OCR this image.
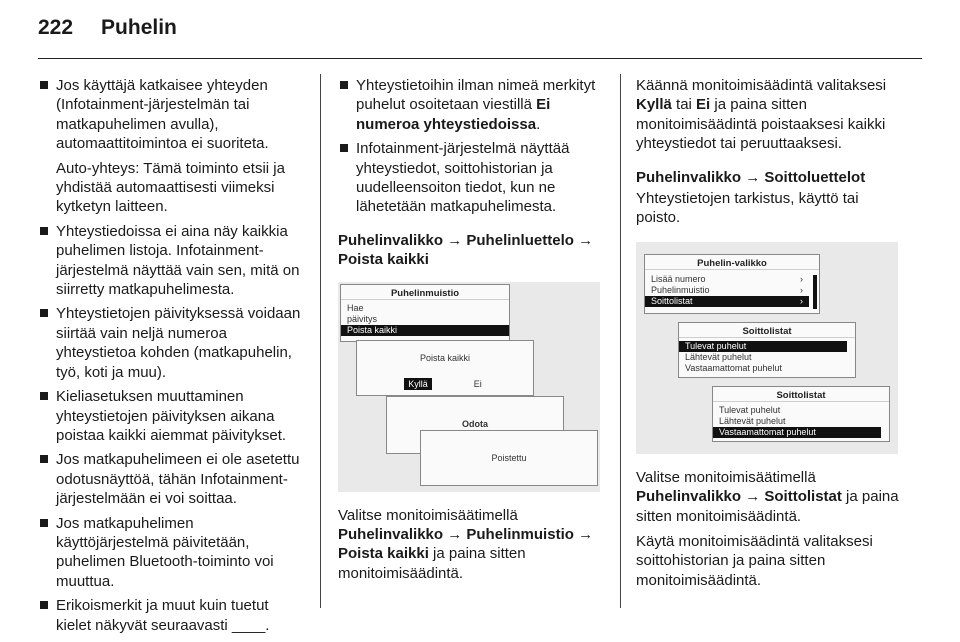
222 Puhelin
Jos käyttäjä katkaisee yhteyden (Infotainment-järjestelmän tai matkapuhelimen avulla), automaattitoimintoa ei suoriteta.
Auto-yhteys: Tämä toiminto etsii ja yhdistää automaattisesti viimeksi kytketyn laitteen.
Yhteystiedoissa ei aina näy kaikkia puhelimen listoja. Infotainment-järjestelmä näyttää vain sen, mitä on siirretty matkapuhelimesta.
Yhteystietojen päivityksessä voidaan siirtää vain neljä numeroa yhteystietoa kohden (matkapuhelin, työ, koti ja muu).
Kieliasetuksen muuttaminen yhteystietojen päivityksen aikana poistaa kaikki aiemmat päivitykset.
Jos matkapuhelimeen ei ole asetettu odotusnäyttöä, tähän Infotainment-järjestelmään ei voi soittaa.
Jos matkapuhelimen käyttöjärjestelmä päivitetään, puhelimen Bluetooth-toiminto voi muuttua.
Erikoismerkit ja muut kuin tuetut kielet näkyvät seuraavasti ____.
Yhteystietoihin ilman nimeä merkityt puhelut osoitetaan viestillä Ei numeroa yhteystiedoissa.
Infotainment-järjestelmä näyttää yhteystiedot, soittohistorian ja uudelleensoiton tiedot, kun ne lähetetään matkapuhelimesta.
Puhelinvalikko → Puhelinluettelo → Poista kaikki
Puhelinmuistio
Hae
päivitys
Poista kaikki
Poista kaikki
Kyllä	Ei
Odota
Poistettu
Valitse monitoimisäätimellä Puhelinvalikko → Puhelinmuistio → Poista kaikki ja paina sitten monitoimisäädintä.
Käännä monitoimisäädintä valitaksesi Kyllä tai Ei ja paina sitten monitoimisäädintä poistaaksesi kaikki yhteystiedot tai peruuttaaksesi.
Puhelinvalikko → Soittoluettelot
Yhteystietojen tarkistus, käyttö tai poisto.
Puhelin-valikko
Lisää numero	›
Puhelinmuistio	›
Soittolistat	›
Soittolistat
Tulevat puhelut
Lähtevät puhelut
Vastaamattomat puhelut
Soittolistat
Tulevat puhelut
Lähtevät puhelut
Vastaamattomat puhelut
Valitse monitoimisäätimellä Puhelinvalikko → Soittolistat ja paina sitten monitoimisäädintä.
Käytä monitoimisäädintä valitaksesi soittohistorian ja paina sitten monitoimisäädintä.
